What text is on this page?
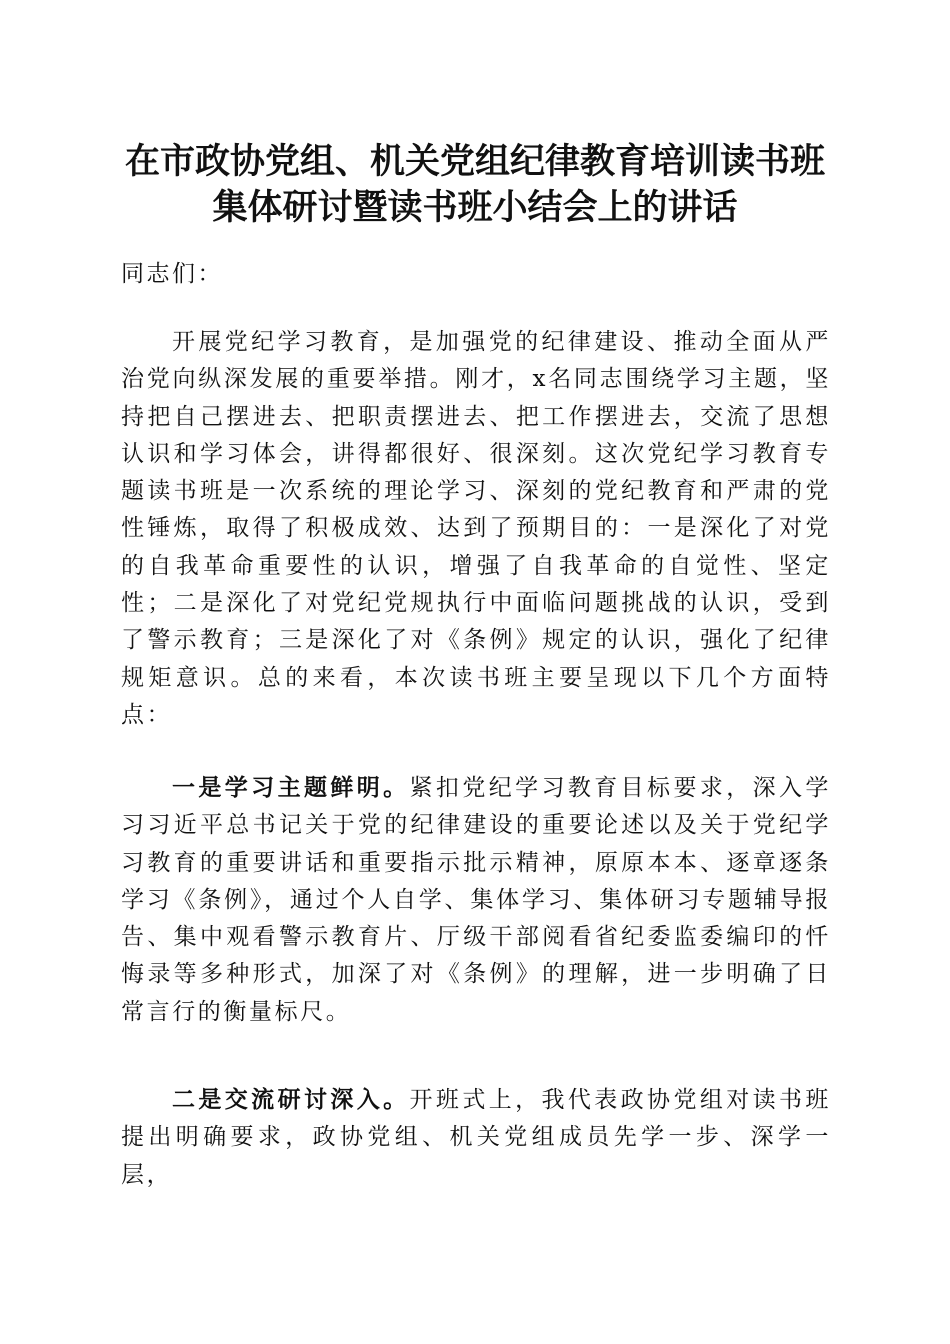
在市政协党组、机关党组纪律教育培训读书班
集体研讨暨读书班小结会上的讲话

同志们：

开展党纪学习教育，是加强党的纪律建设、推动全面从严治党向纵深发展的重要举措。刚才，x名同志围绕学习主题，坚持把自己摆进去、把职责摆进去、把工作摆进去，交流了思想认识和学习体会，讲得都很好、很深刻。这次党纪学习教育专题读书班是一次系统的理论学习、深刻的党纪教育和严肃的党性锤炼，取得了积极成效、达到了预期目的：一是深化了对党的自我革命重要性的认识，增强了自我革命的自觉性、坚定性；二是深化了对党纪党规执行中面临问题挑战的认识，受到了警示教育；三是深化了对《条例》规定的认识，强化了纪律规矩意识。总的来看，本次读书班主要呈现以下几个方面特点：

一是学习主题鲜明。紧扣党纪学习教育目标要求，深入学习习近平总书记关于党的纪律建设的重要论述以及关于党纪学习教育的重要讲话和重要指示批示精神，原原本本、逐章逐条学习《条例》，通过个人自学、集体学习、集体研习专题辅导报告、集中观看警示教育片、厅级干部阅看省纪委监委编印的忏悔录等多种形式，加深了对《条例》的理解，进一步明确了日常言行的衡量标尺。

二是交流研讨深入。开班式上，我代表政协党组对读书班提出明确要求，政协党组、机关党组成员先学一步、深学一层，
